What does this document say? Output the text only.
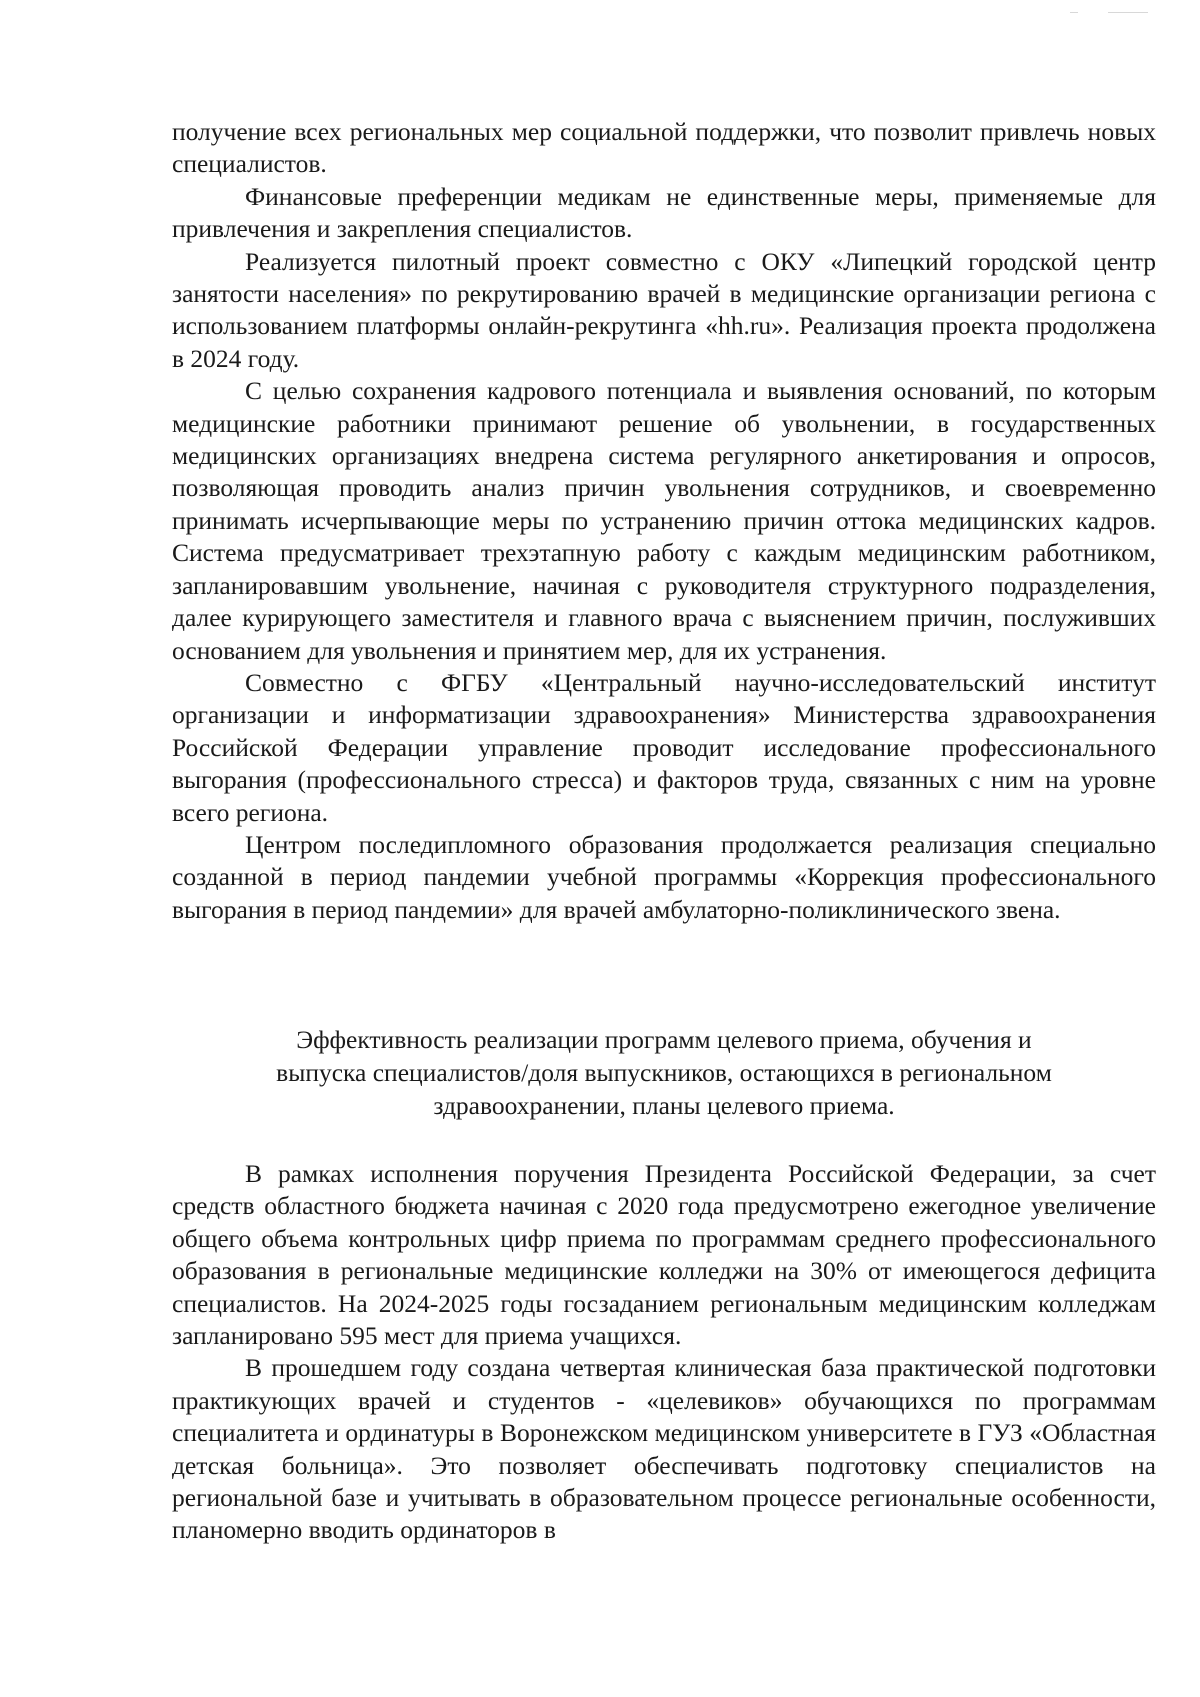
получение всех региональных мер социальной поддержки, что позволит привлечь новых специалистов.

Финансовые преференции медикам не единственные меры, применяемые для привлечения и закрепления специалистов.

Реализуется пилотный проект совместно с ОКУ «Липецкий городской центр занятости населения» по рекрутированию врачей в медицинские организации региона с использованием платформы онлайн-рекрутинга «hh.ru». Реализация проекта продолжена в 2024 году.

С целью сохранения кадрового потенциала и выявления оснований, по которым медицинские работники принимают решение об увольнении, в государственных медицинских организациях внедрена система регулярного анкетирования и опросов, позволяющая проводить анализ причин увольнения сотрудников, и своевременно принимать исчерпывающие меры по устранению причин оттока медицинских кадров. Система предусматривает трехэтапную работу с каждым медицинским работником, запланировавшим увольнение, начиная с руководителя структурного подразделения, далее курирующего заместителя и главного врача с выяснением причин, послуживших основанием для увольнения и принятием мер, для их устранения.

Совместно с ФГБУ «Центральный научно-исследовательский институт организации и информатизации здравоохранения» Министерства здравоохранения Российской Федерации управление проводит исследование профессионального выгорания (профессионального стресса) и факторов труда, связанных с ним на уровне всего региона.

Центром последипломного образования продолжается реализация специально созданной в период пандемии учебной программы «Коррекция профессионального выгорания в период пандемии» для врачей амбулаторно-поликлинического звена.

Эффективность реализации программ целевого приема, обучения и
выпуска специалистов/доля выпускников, остающихся в региональном
здравоохранении, планы целевого приема.

В рамках исполнения поручения Президента Российской Федерации, за счет средств областного бюджета начиная с 2020 года предусмотрено ежегодное увеличение общего объема контрольных цифр приема по программам среднего профессионального образования в региональные медицинские колледжи на 30% от имеющегося дефицита специалистов. На 2024-2025 годы госзаданием региональным медицинским колледжам запланировано 595 мест для приема учащихся.

В прошедшем году создана четвертая клиническая база практической подготовки практикующих врачей и студентов - «целевиков» обучающихся по программам специалитета и ординатуры в Воронежском медицинском университете в ГУЗ «Областная детская больница». Это позволяет обеспечивать подготовку специалистов на региональной базе и учитывать в образовательном процессе региональные особенности, планомерно вводить ординаторов в
